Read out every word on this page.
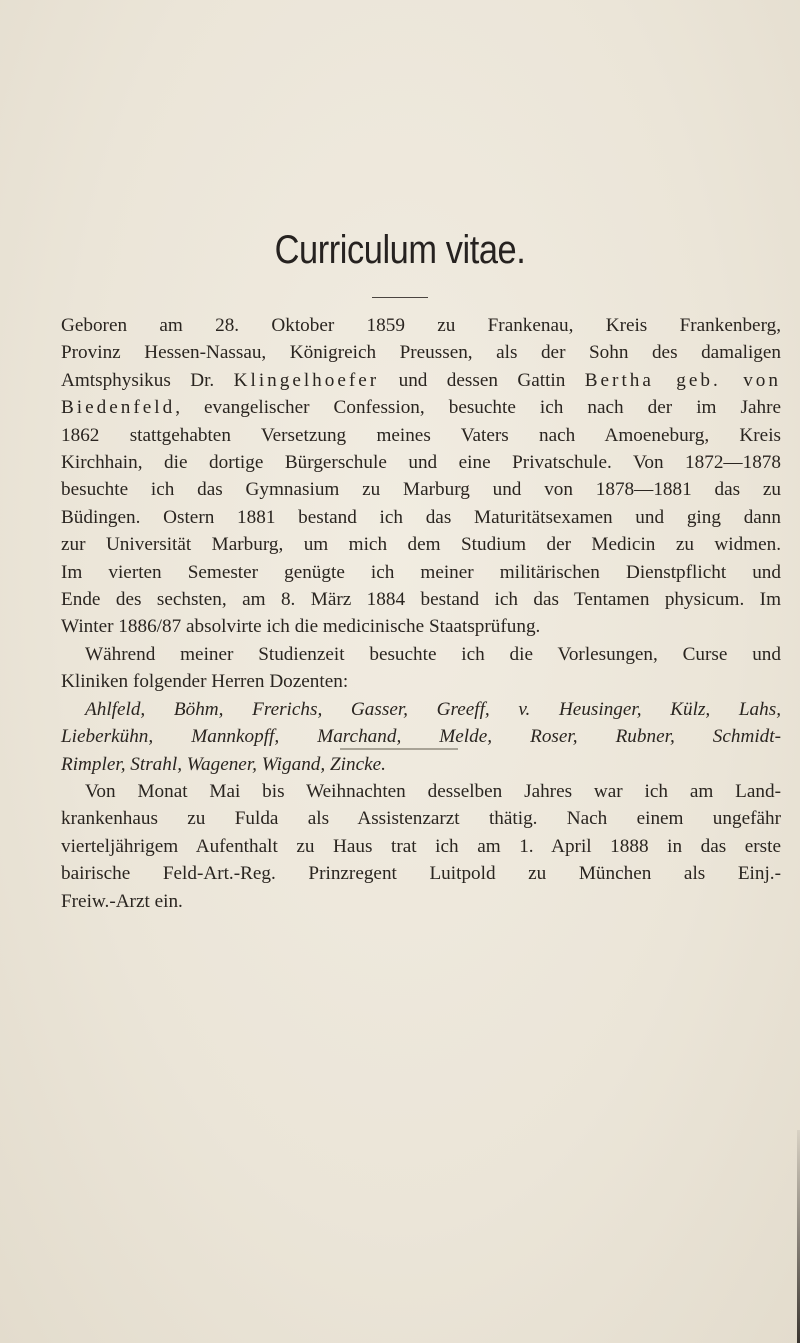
Curriculum vitae.
Geboren am 28. Oktober 1859 zu Frankenau, Kreis Frankenberg,
Provinz Hessen-Nassau, Königreich Preussen, als der Sohn des damaligen
Amtsphysikus Dr. Klingelhoefer und dessen Gattin Bertha geb. von
Biedenfeld, evangelischer Confession, besuchte ich nach der im Jahre
1862 stattgehabten Versetzung meines Vaters nach Amoeneburg, Kreis
Kirchhain, die dortige Bürgerschule und eine Privatschule. Von 1872—1878
besuchte ich das Gymnasium zu Marburg und von 1878—1881 das zu
Büdingen. Ostern 1881 bestand ich das Maturitätsexamen und ging dann
zur Universität Marburg, um mich dem Studium der Medicin zu widmen.
Im vierten Semester genügte ich meiner militärischen Dienstpflicht und
Ende des sechsten, am 8. März 1884 bestand ich das Tentamen physicum. Im
Winter 1886/87 absolvirte ich die medicinische Staatsprüfung.
Während meiner Studienzeit besuchte ich die Vorlesungen, Curse und
Kliniken folgender Herren Dozenten:
Ahlfeld, Böhm, Frerichs, Gasser, Greeff, v. Heusinger, Külz, Lahs,
Lieberkühn, Mannkopff, Marchand, Melde, Roser, Rubner, Schmidt-
Rimpler, Strahl, Wagener, Wigand, Zincke.
Von Monat Mai bis Weihnachten desselben Jahres war ich am Land-
krankenhaus zu Fulda als Assistenzarzt thätig. Nach einem ungefähr
vierteljährigem Aufenthalt zu Haus trat ich am 1. April 1888 in das erste
bairische Feld-Art.-Reg. Prinzregent Luitpold zu München als Einj.-
Freiw.-Arzt ein.
